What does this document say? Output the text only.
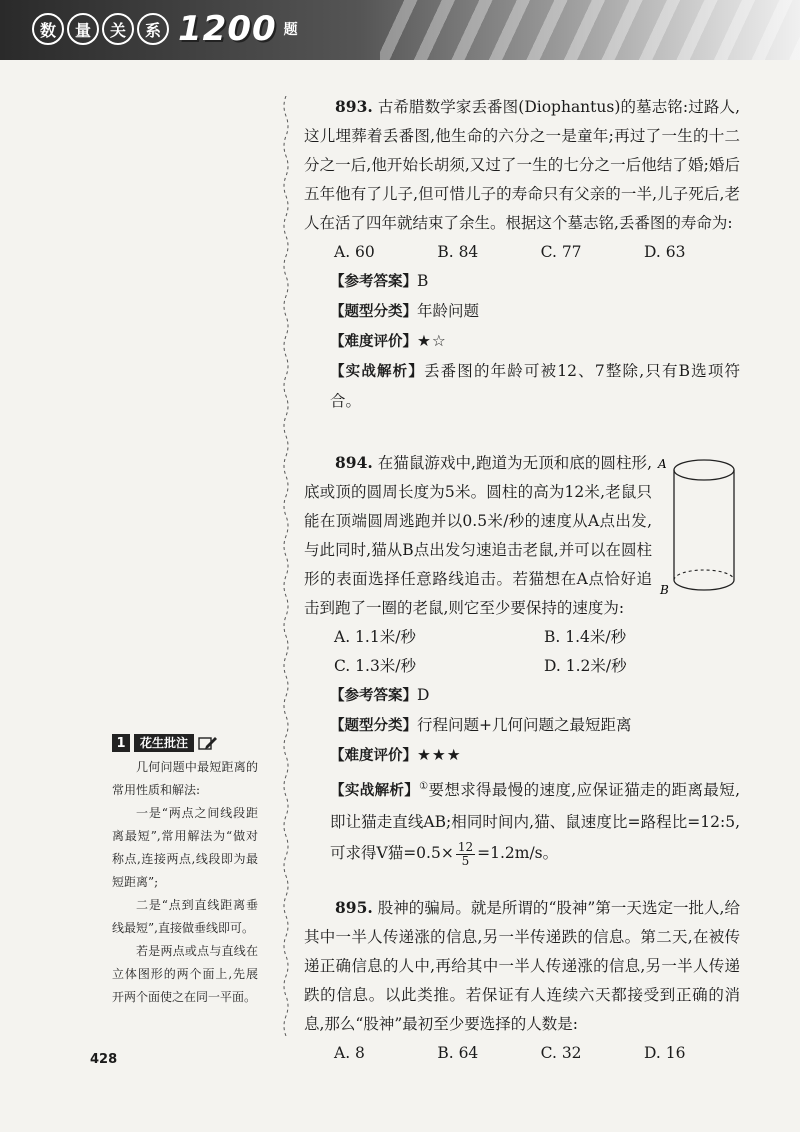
数	量	关	系 1200 题

893. 古希腊数学家丢番图(Diophantus)的墓志铭:过路人,这儿埋葬着丢番图,他生命的六分之一是童年;再过了一生的十二分之一后,他开始长胡须,又过了一生的七分之一后他结了婚;婚后五年他有了儿子,但可惜儿子的寿命只有父亲的一半,儿子死后,老人在活了四年就结束了余生。根据这个墓志铭,丢番图的寿命为:

A. 60	B. 84	C. 77	D. 63

【参考答案】B

【题型分类】年龄问题

【难度评价】★☆

【实战解析】丢番图的年龄可被12、7整除,只有B选项符合。

A
B

894. 在猫鼠游戏中,跑道为无顶和底的圆柱形,底或顶的圆周长度为5米。圆柱的高为12米,老鼠只能在顶端圆周逃跑并以0.5米/秒的速度从A点出发,与此同时,猫从B点出发匀速追击老鼠,并可以在圆柱形的表面选择任意路线追击。若猫想在A点恰好追击到跑了一圈的老鼠,则它至少要保持的速度为:

A. 1.1米/秒	B. 1.4米/秒
C. 1.3米/秒	D. 1.2米/秒

【参考答案】D

【题型分类】行程问题+几何问题之最短距离

【难度评价】★★★

【实战解析】①要想求得最慢的速度,应保证猫走的距离最短,即让猫走直线AB;相同时间内,猫、鼠速度比=路程比=12:5,可求得V猫$=0.5\times \frac{12}{5} =1.2m/s$。

895. 股神的骗局。就是所谓的“股神”第一天选定一批人,给其中一半人传递涨的信息,另一半传递跌的信息。第二天,在被传递正确信息的人中,再给其中一半人传递涨的信息,另一半人传递跌的信息。以此类推。若保证有人连续六天都接受到正确的消息,那么“股神”最初至少要选择的人数是:

A. 8	B. 64	C. 32	D. 16
1	花生批注

几何问题中最短距离的常用性质和解法:

一是“两点之间线段距离最短”,常用解法为“做对称点,连接两点,线段即为最短距离”;

二是“点到直线距离垂线最短”,直接做垂线即可。

若是两点或点与直线在立体图形的两个面上,先展开两个面使之在同一平面。

428
